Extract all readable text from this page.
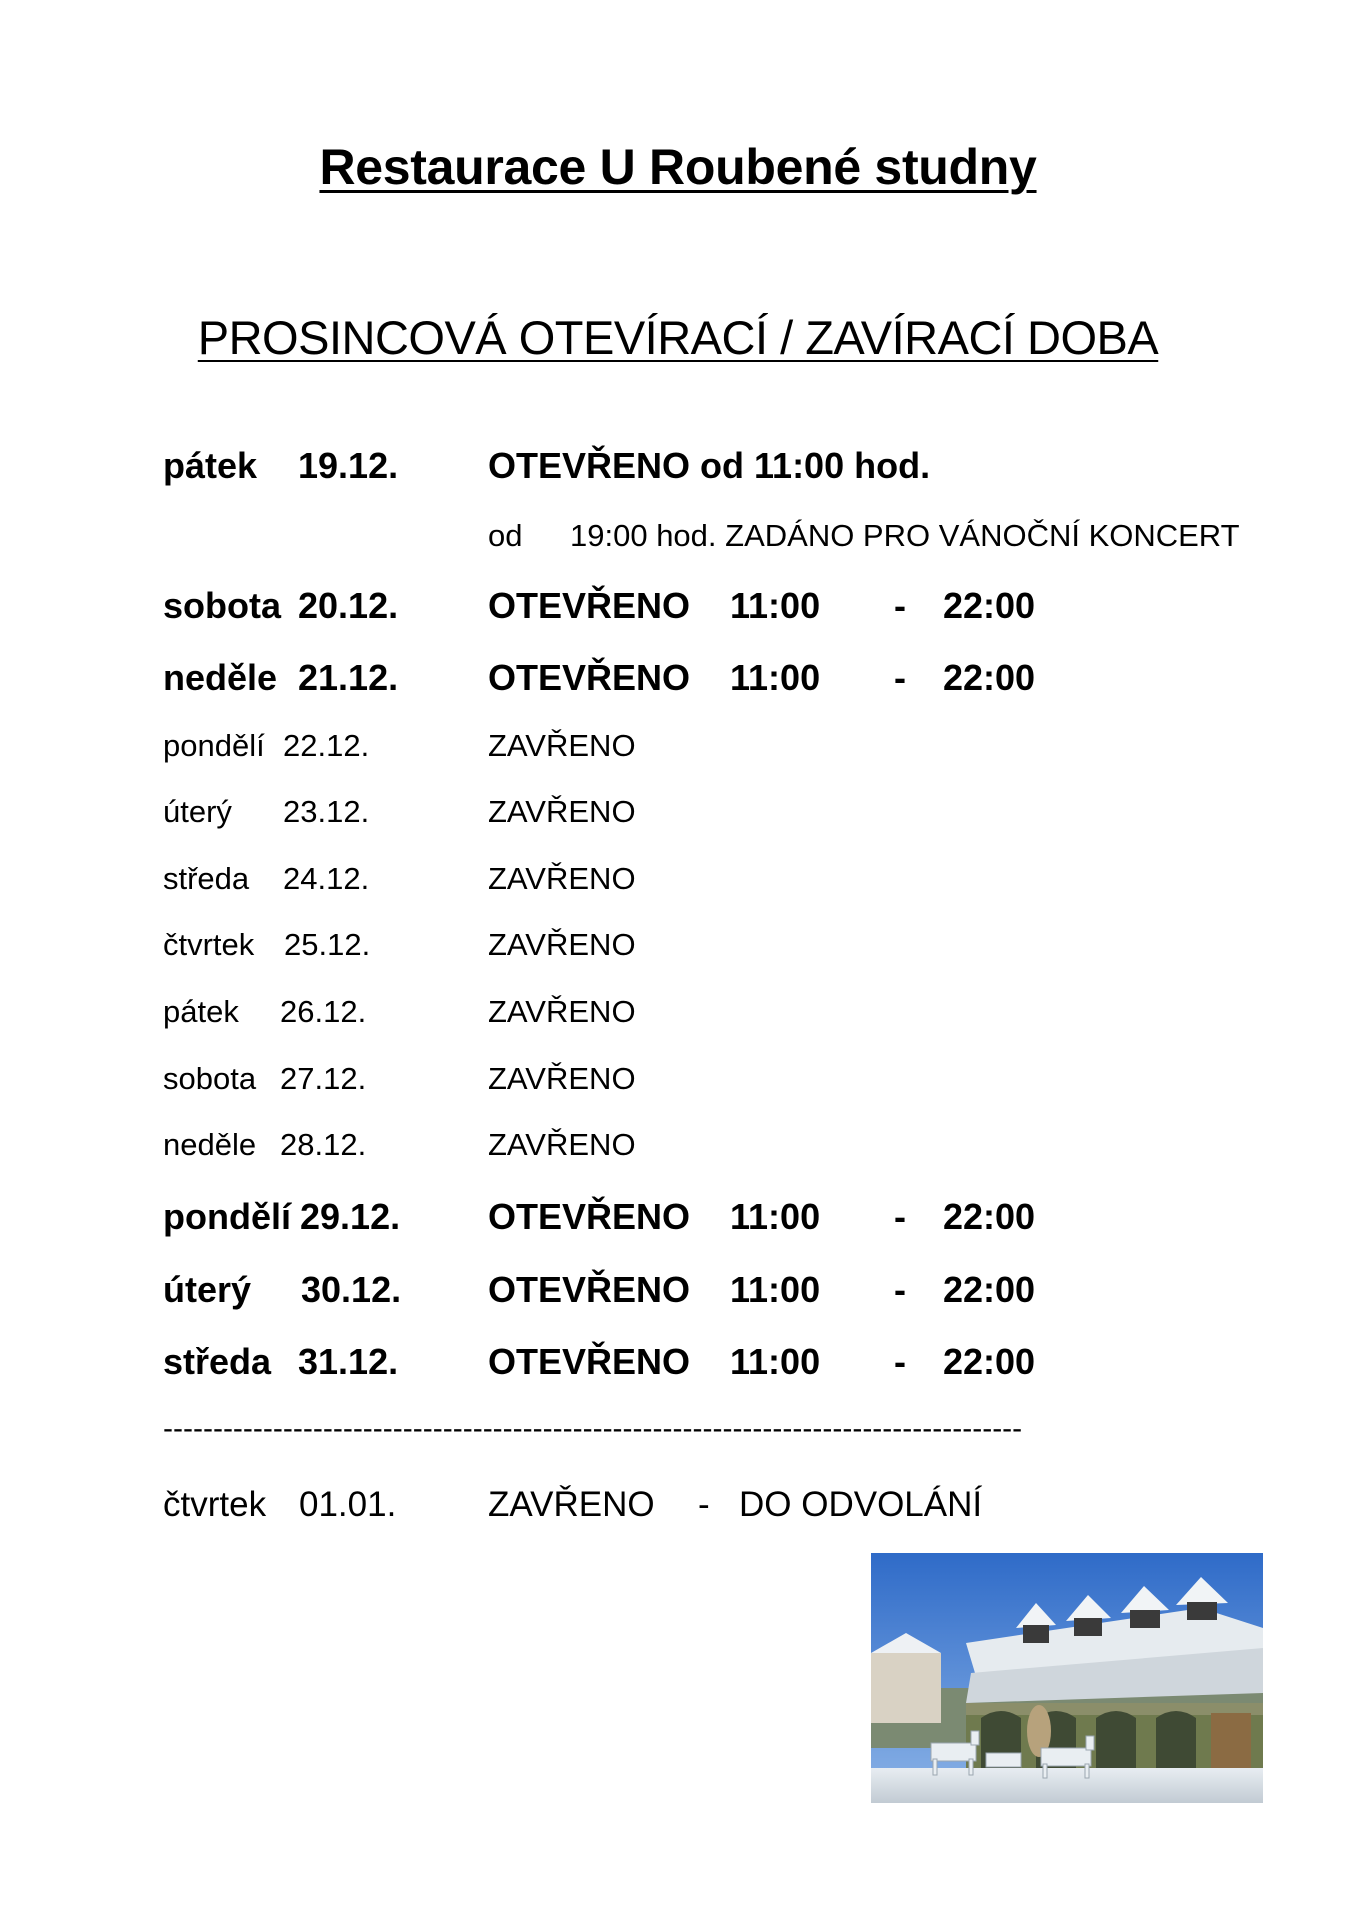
Restaurace U Roubené studny
PROSINCOVÁ OTEVÍRACÍ / ZAVÍRACÍ DOBA
pátek 19.12. OTEVŘENO od 11:00 hod.
od 19:00 hod. ZADÁNO PRO VÁNOČNÍ KONCERT
sobota 20.12. OTEVŘENO 11:00 - 22:00
neděle 21.12. OTEVŘENO 11:00 - 22:00
pondělí 22.12.	ZAVŘENO
úterý 23.12.	ZAVŘENO
středa 24.12.	ZAVŘENO
čtvrtek 25.12.	ZAVŘENO
pátek 26.12.	ZAVŘENO
sobota 27.12.	ZAVŘENO
neděle 28.12.	ZAVŘENO
pondělí 29.12. OTEVŘENO 11:00 - 22:00
úterý 30.12. OTEVŘENO 11:00 - 22:00
středa 31.12. OTEVŘENO 11:00 - 22:00
--------------------------------------------------------------------------------------
čtvrtek 01.01.	ZAVŘENO - DO ODVOLÁNÍ
